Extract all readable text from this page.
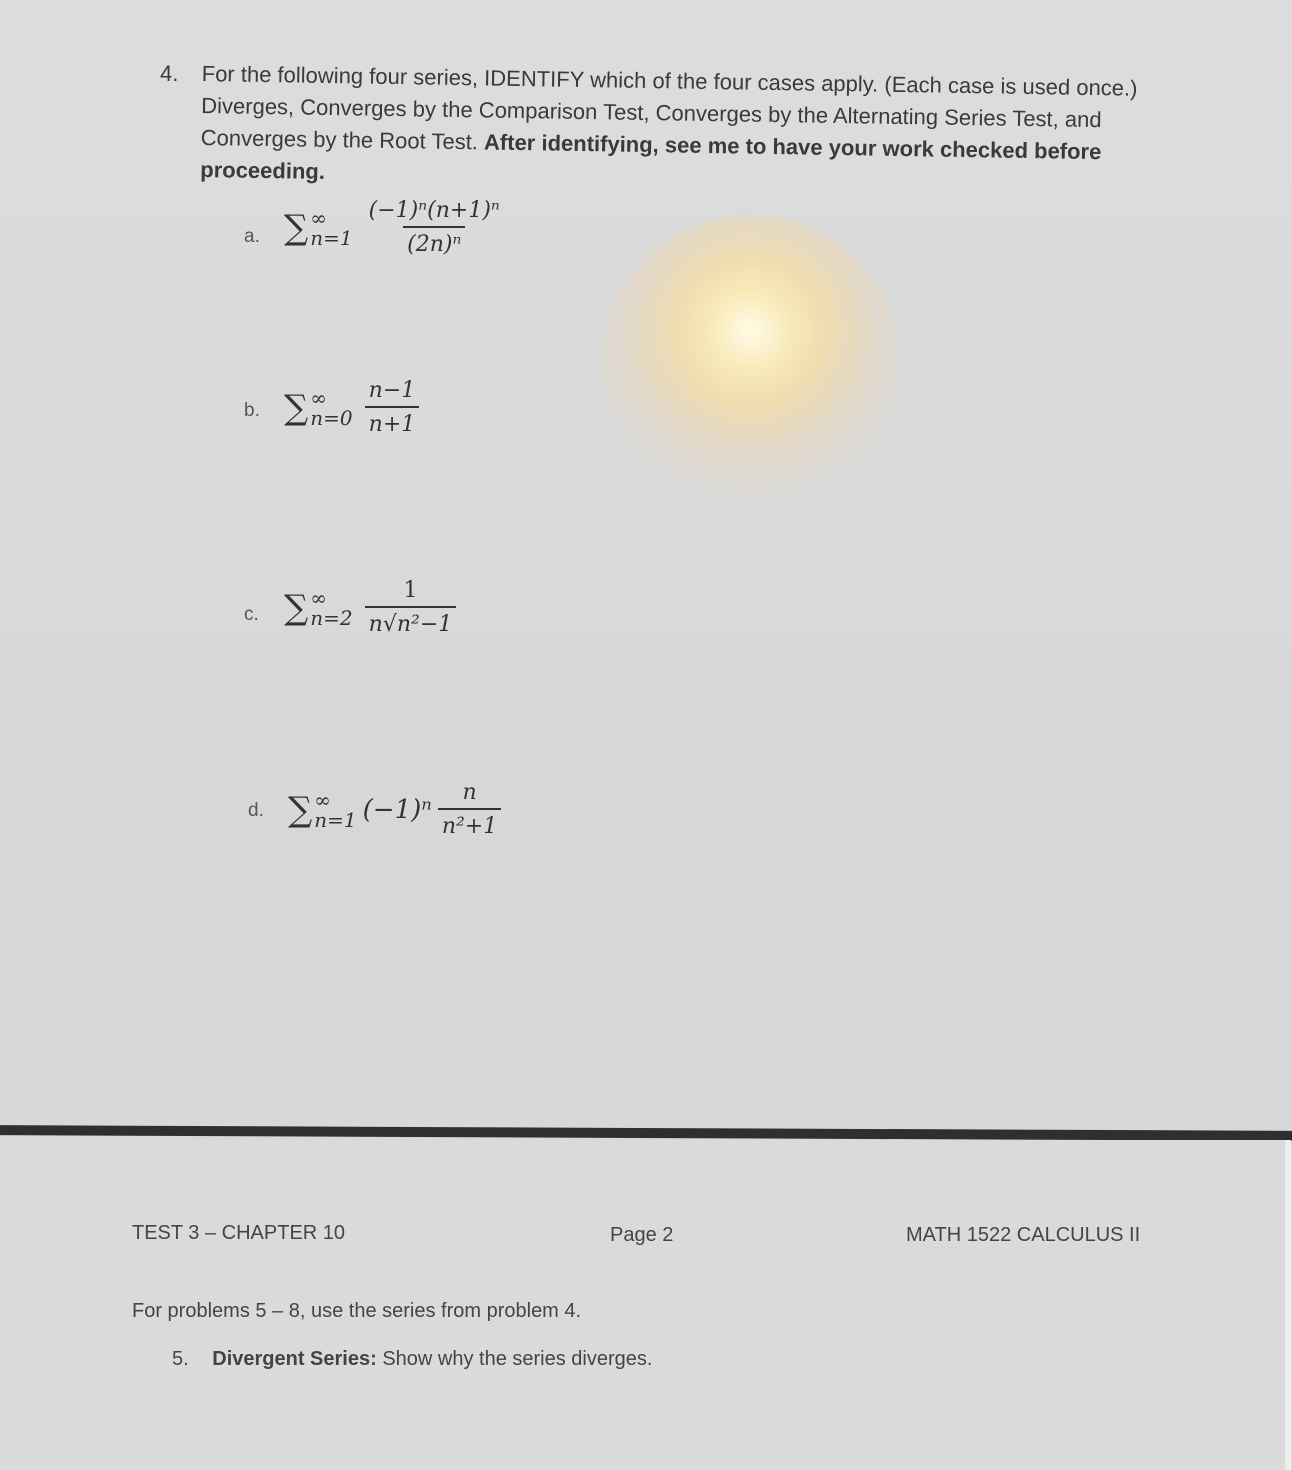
4. For the following four series, IDENTIFY which of the four cases apply. (Each case is used once.) Diverges, Converges by the Comparison Test, Converges by the Alternating Series Test, and Converges by the Root Test. After identifying, see me to have your work checked before proceeding.
a. ∑ ∞
$n=1 \frac{\text{(−1)ⁿ(n+1)ⁿ}}{\text{(2n)ⁿ}}$
b. ∑ ∞
$n=0 \frac{n-1}{n+1}$
c. ∑ ∞
$n=2 \frac{1}{\text{n√n²−1}}$
d. ∑ ∞
n=1 $(-1)^n \frac{n}{\text{n²+1}}$
TEST 3 – CHAPTER 10	Page 2	MATH 1522 CALCULUS II
For problems 5 – 8, use the series from problem 4.
5. Divergent Series: Show why the series diverges.
